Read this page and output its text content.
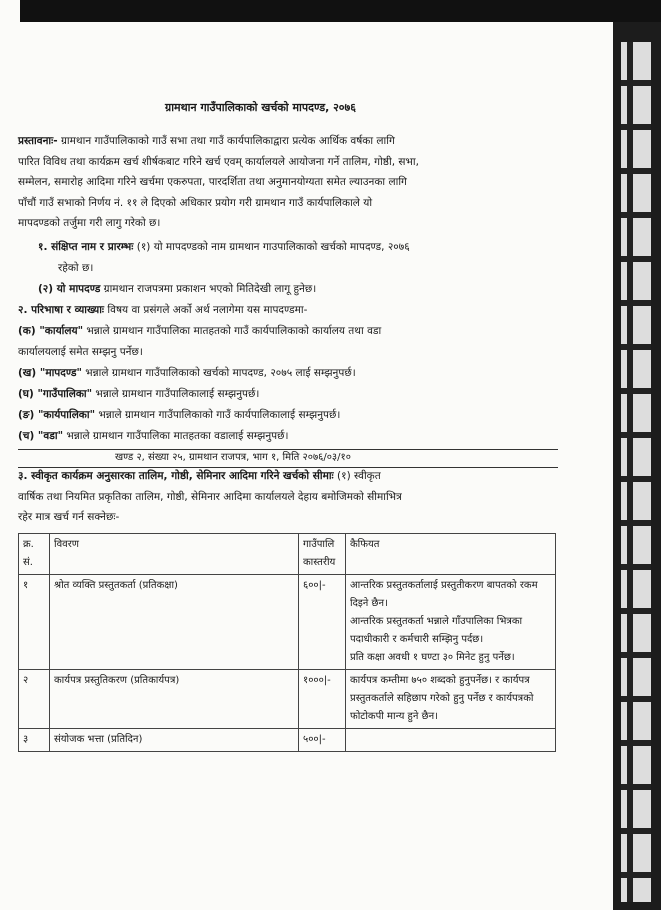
ग्रामथान गाउँपालिकाको खर्चको मापदण्ड, २०७६
प्रस्तावनाः- ग्रामथान गाउँपालिकाको गाउँ सभा तथा गाउँ कार्यपालिकाद्वारा प्रत्येक आर्थिक वर्षका लागि
पारित विविध तथा कार्यक्रम खर्च शीर्षकबाट गरिने खर्च एवम् कार्यालयले आयोजना गर्ने तालिम, गोष्ठी, सभा,
सम्मेलन, समारोह आदिमा गरिने खर्चमा एकरुपता, पारदर्शिता तथा अनुमानयोग्यता समेत ल्याउनका लागि
पाँचौं गाउँ सभाको निर्णय नं. ११ ले दिएको अधिकार प्रयोग गरी ग्रामथान गाउँ कार्यपालिकाले यो
मापदण्डको तर्जुमा गरी लागु गरेको छ।
१. संक्षिप्त नाम र प्रारम्भः (१) यो मापदण्डको नाम ग्रामथान गाउपालिकाको खर्चको मापदण्ड, २०७६
रहेको छ।
(२) यो मापदण्ड ग्रामथान राजपत्रमा प्रकाशन भएको मितिदेखी लागू हुनेछ।
२. परिभाषा र व्याख्याः विषय वा प्रसंगले अर्को अर्थ नलागेमा यस मापदण्डमा-
(क) "कार्यालय" भन्नाले ग्रामथान गाउँपालिका मातहतको गाउँ कार्यपालिकाको कार्यालय तथा वडा
कार्यालयलाई समेत सम्झनु पर्नेछ।
(ख) "मापदण्ड" भन्नाले ग्रामथान गाउँपालिकाको खर्चको मापदण्ड, २०७५ लाई सम्झनुपर्छ।
(घ) "गाउँपालिका" भन्नाले ग्रामथान गाउँपालिकालाई सम्झनुपर्छ।
(ङ) "कार्यपालिका" भन्नाले ग्रामथान गाउँपालिकाको गाउँ कार्यपालिकालाई सम्झनुपर्छ।
(च) "वडा" भन्नाले ग्रामथान गाउँपालिका मातहतका वडालाई सम्झनुपर्छ।
खण्ड २, संख्या २५, ग्रामथान राजपत्र, भाग १, मिति २०७६/०३/१०
३. स्वीकृत कार्यक्रम अनुसारका तालिम, गोष्ठी, सेमिनार आदिमा गरिने खर्चको सीमाः (१) स्वीकृत
वार्षिक तथा नियमित प्रकृतिका तालिम, गोष्ठी, सेमिनार आदिमा कार्यालयले देहाय बमोजिमको सीमाभित्र
रहेर मात्र खर्च गर्न सक्नेछः-
क्र. सं.	विवरण	गाउँपालि कास्तरीय	कैफियत
१	श्रोत व्यक्ति प्रस्तुतकर्ता (प्रतिकक्षा)	६००|-	आन्तरिक प्रस्तुतकर्तालाई प्रस्तुतीकरण बापतको रकम दिइने छैन।
आन्तरिक प्रस्तुतकर्ता भन्नाले गाँउपालिका भित्रका पदाधीकारी र कर्मचारी सम्झिनु पर्दछ।
प्रति कक्षा अवधी १ घण्टा ३० मिनेट हुनु पर्नेछ।

२	कार्यपत्र प्रस्तुतिकरण (प्रतिकार्यपत्र)	१०००|-	कार्यपत्र कम्तीमा ७५० शब्दको हुनुपर्नेछ। र कार्यपत्र प्रस्तुतकर्ताले सहिछाप गरेको हुनु पर्नेछ र कार्यपत्रको फोटोकपी मान्य हुने छैन।

३	संयोजक भत्ता (प्रतिदिन)	५००|-	
